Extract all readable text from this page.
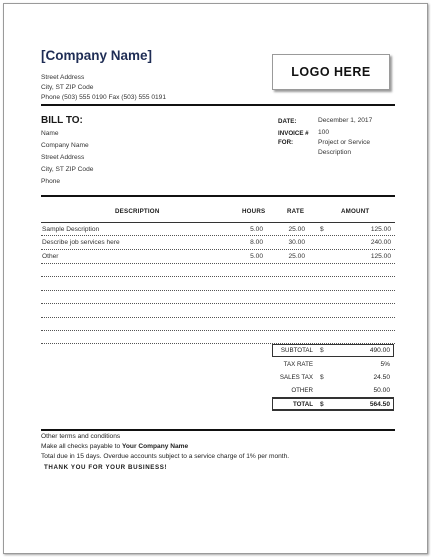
[Company Name]
Street Address
City, ST ZIP Code
Phone (503) 555 0190 Fax (503) 555 0191
LOGO HERE
BILL TO:
Name
Company Name
Street Address
City, ST ZIP Code
Phone
DATE:	December 1, 2017
INVOICE # 100
FOR:	Project or Service
Description
DESCRIPTION	HOURS	RATE	AMOUNT
Sample Description	5.00	25.00 $	125.00
Describe job services here	8.00	30.00	240.00
Other	5.00	25.00	125.00
SUBTOTAL $	490.00
TAX RATE	5%
SALES TAX $	24.50
OTHER	50.00
TOTAL $	564.50
Other terms and conditions
Make all checks payable to Your Company Name
Total due in 15 days. Overdue accounts subject to a service charge of 1% per month.
THANK YOU FOR YOUR BUSINESS!
